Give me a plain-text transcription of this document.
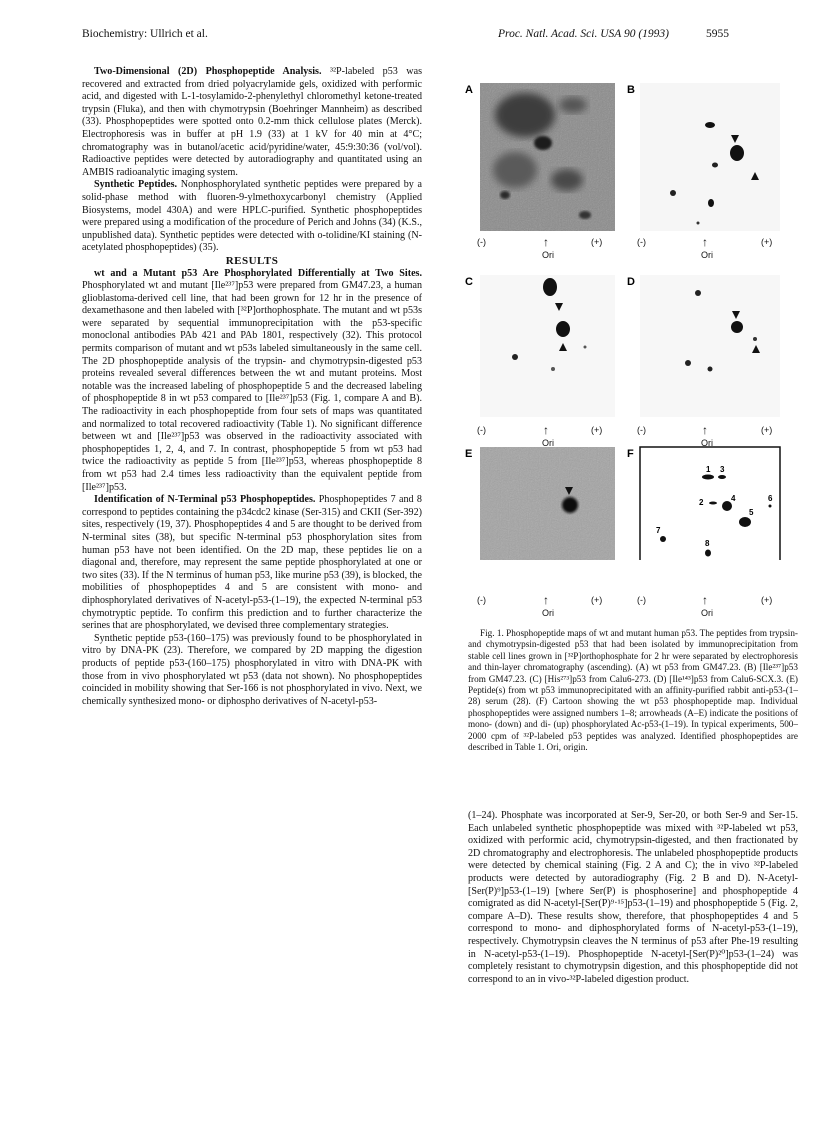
Biochemistry: Ullrich et al.	Proc. Natl. Acad. Sci. USA 90 (1993)	5955

Two-Dimensional (2D) Phosphopeptide Analysis. ³²P-labeled p53 was recovered and extracted from dried polyacrylamide gels, oxidized with performic acid, and digested with L-1-tosylamido-2-phenylethyl chloromethyl ketone-treated trypsin (Fluka), and then with chymotrypsin (Boehringer Mannheim) as described (33). Phosphopeptides were spotted onto 0.2-mm thick cellulose plates (Merck). Electrophoresis was in buffer at pH 1.9 (33) at 1 kV for 40 min at 4°C; chromatography was in butanol/acetic acid/pyridine/water, 45:9:30:36 (vol/vol). Radioactive peptides were detected by autoradiography and quantitated using an AMBIS radioanalytic imaging system.

Synthetic Peptides. Nonphosphorylated synthetic peptides were prepared by a solid-phase method with fluoren-9-ylmethoxycarbonyl chemistry (Applied Biosystems, model 430A) and were HPLC-purified. Synthetic phosphopeptides were prepared using a modification of the procedure of Perich and Johns (34) (K.S., unpublished data). Synthetic peptides were detected with o-tolidine/KI staining (N-acetylated phosphopeptides) (35).

RESULTS

wt and a Mutant p53 Are Phosphorylated Differentially at Two Sites. Phosphorylated wt and mutant [Ile²³⁷]p53 were prepared from GM47.23, a human glioblastoma-derived cell line, that had been grown for 12 hr in the presence of dexamethasone and then labeled with [³²P]orthophosphate. The mutant and wt p53s were separated by sequential immunoprecipitation with the p53-specific monoclonal antibodies PAb 421 and PAb 1801, respectively (32). This protocol permits comparison of mutant and wt p53s labeled simultaneously in the same cell. The 2D phosphopeptide analysis of the trypsin- and chymotrypsin-digested p53 proteins revealed several differences between the wt and mutant proteins. Most notable was the increased labeling of phosphopeptide 5 and the decreased labeling of phosphopeptide 8 in wt p53 compared to [Ile²³⁷]p53 (Fig. 1, compare A and B). The radioactivity in each phosphopeptide from four sets of maps was quantitated and normalized to total recovered radioactivity (Table 1). No significant difference between wt and [Ile²³⁷]p53 was observed in the radioactivity associated with phosphopeptides 1, 2, 4, and 7. In contrast, phosphopeptide 5 from wt p53 had twice the radioactivity as peptide 5 from [Ile²³⁷]p53, whereas phosphopeptide 8 from wt p53 had 2.4 times less radioactivity than the equivalent peptide from [Ile²³⁷]p53.

Identification of N-Terminal p53 Phosphopeptides. Phosphopeptides 7 and 8 correspond to peptides containing the p34cdc2 kinase (Ser-315) and CKII (Ser-392) sites, respectively (19, 37). Phosphopeptides 4 and 5 are thought to be derived from N-terminal sites (38), but specific N-terminal p53 phosphorylation sites from human p53 have not been identified. On the 2D map, these peptides lie on a diagonal and, therefore, may represent the same peptide phosphorylated at one or two sites (33). If the N terminus of human p53, like murine p53 (39), is blocked, the mobilities of phosphopeptides 4 and 5 are consistent with mono- and diphosphorylated derivatives of N-acetyl-p53-(1–19), the expected N-terminal p53 chymotryptic peptide. To confirm this prediction and to further characterize the serines that are phosphorylated, we devised three complementary strategies.

Synthetic peptide p53-(160–175) was previously found to be phosphorylated in vitro by DNA-PK (23). Therefore, we compared by 2D mapping the digestion products of peptide p53-(160–175) phosphorylated in vitro with DNA-PK with those from in vivo phosphorylated wt p53 (data not shown). No phosphopeptides coincided in mobility showing that Ser-166 is not phosphorylated in vivo. Next, we chemically synthesized mono- or diphospho derivatives of N-acetyl-p53-

1
2
3
4
5
6
7
8
A	B
C	D
E	F
(-)	↑	(+)
Ori
(-)	↑	(+)
Ori
(-)	↑	(+)
Ori
(-)	↑	(+)
Ori
(-)	↑	(+)
Ori
(-)	↑	(+)
Ori

Fig. 1. Phosphopeptide maps of wt and mutant human p53. The peptides from trypsin- and chymotrypsin-digested p53 that had been isolated by immunoprecipitation from stable cell lines grown in [³²P]orthophosphate for 2 hr were separated by electrophoresis and thin-layer chromatography (ascending). (A) wt p53 from GM47.23. (B) [Ile²³⁷]p53 from GM47.23. (C) [His²⁷³]p53 from Calu6-273. (D) [Ile¹⁴³]p53 from Calu6-SCX.3. (E) Peptide(s) from wt p53 immunoprecipitated with an affinity-purified rabbit anti-p53-(1–28) serum (28). (F) Cartoon showing the wt p53 phosphopeptide map. Individual phosphopeptides were assigned numbers 1–8; arrowheads (A–E) indicate the positions of mono- (down) and di- (up) phosphorylated Ac-p53-(1–19). In typical experiments, 500–2000 cpm of ³²P-labeled p53 peptides was analyzed. Identified phosphopeptides are described in Table 1. Ori, origin.

(1–24). Phosphate was incorporated at Ser-9, Ser-20, or both Ser-9 and Ser-15. Each unlabeled synthetic phosphopeptide was mixed with ³²P-labeled wt p53, oxidized with performic acid, chymotrypsin-digested, and then fractionated by 2D chromatography and electrophoresis. The unlabeled phosphopeptide products were detected by chemical staining (Fig. 2 A and C); the in vivo ³²P-labeled products were detected by autoradiography (Fig. 2 B and D). N-Acetyl-[Ser(P)⁹]p53-(1–19) [where Ser(P) is phosphoserine] and phosphopeptide 4 comigrated as did N-acetyl-[Ser(P)⁹·¹⁵]p53-(1–19) and phosphopeptide 5 (Fig. 2, compare A–D). These results show, therefore, that phosphopeptides 4 and 5 correspond to mono- and diphosphorylated forms of N-acetyl-p53-(1–19), respectively. Chymotrypsin cleaves the N terminus of p53 after Phe-19 resulting in N-acetyl-p53-(1–19). Phosphopeptide N-acetyl-[Ser(P)²⁰]p53-(1–24) was completely resistant to chymotrypsin digestion, and this phosphopeptide did not correspond to an in vivo-³²P-labeled digestion product.
